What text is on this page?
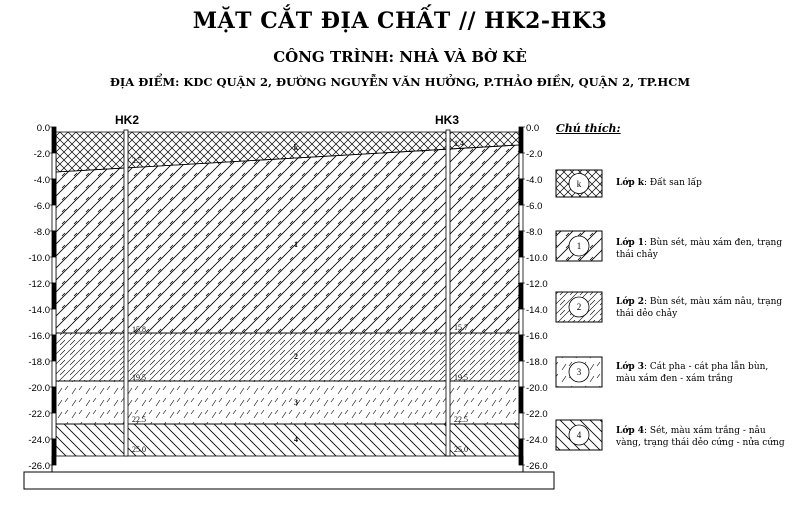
HK2
2.5
15.8
19.5
22.5
25.0
HK3
1.4
15.7
19.5
22.5
25.0
k
1
2
3
4
0.0
-2.0
-4.0
-6.0
-8.0
-10.0
-12.0
-14.0
-16.0
-18.0
-20.0
-22.0
-24.0
-26.0
0.0
-2.0
-4.0
-6.0
-8.0
-10.0
-12.0
-14.0
-16.0
-18.0
-20.0
-22.0
-24.0
-26.0
k
1
2
3
4
MẶT CẮT ĐỊA CHẤT // HK2-HK3
CÔNG TRÌNH: NHÀ VÀ BỜ KÈ
ĐỊA ĐIỂM: KDC QUẬN 2, ĐƯỜNG NGUYỄN VĂN HƯỞNG, P.THẢO ĐIỀN, QUẬN 2, TP.HCM
Chú thích:
Lớp k: Đất san lấp
Lớp 1: Bùn sét, màu xám đen, trạng thái chảy
Lớp 2: Bùn sét, màu xám nâu, trạng thái dẻo chảy
Lớp 3: Cát pha - cát pha lẫn bùn, màu xám đen - xám trắng
Lớp 4: Sét, màu xám trắng - nâu vàng, trạng thái dẻo cứng - nửa cứng
